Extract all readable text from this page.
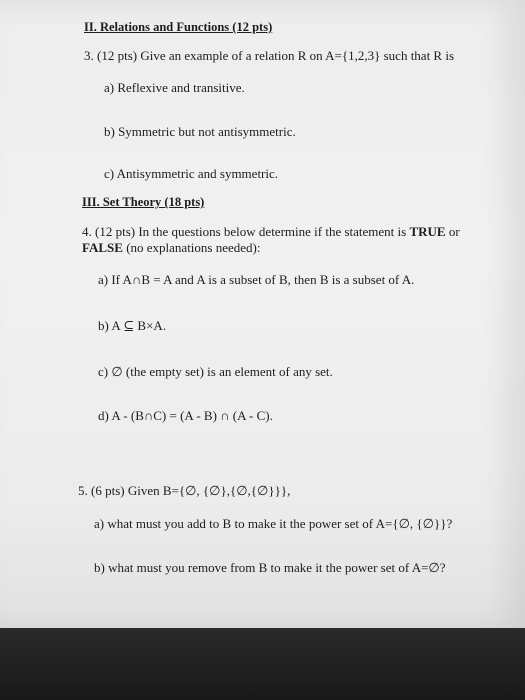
II. Relations and Functions (12 pts)
3. (12 pts) Give an example of a relation R on A={1,2,3} such that R is
a) Reflexive and transitive.
b) Symmetric but not antisymmetric.
c) Antisymmetric and symmetric.
III. Set Theory (18 pts)
4. (12 pts) In the questions below determine if the statement is TRUE or
FALSE (no explanations needed):
a) If A∩B = A and A is a subset of B, then B is a subset of A.
b) A ⊆ B×A.
c) ∅ (the empty set) is an element of any set.
d) A - (B∩C) = (A - B) ∩ (A - C).
5. (6 pts) Given B={∅, {∅},{∅,{∅}}},
a) what must you add to B to make it the power set of A={∅, {∅}}?
b) what must you remove from B to make it the power set of A=∅?
